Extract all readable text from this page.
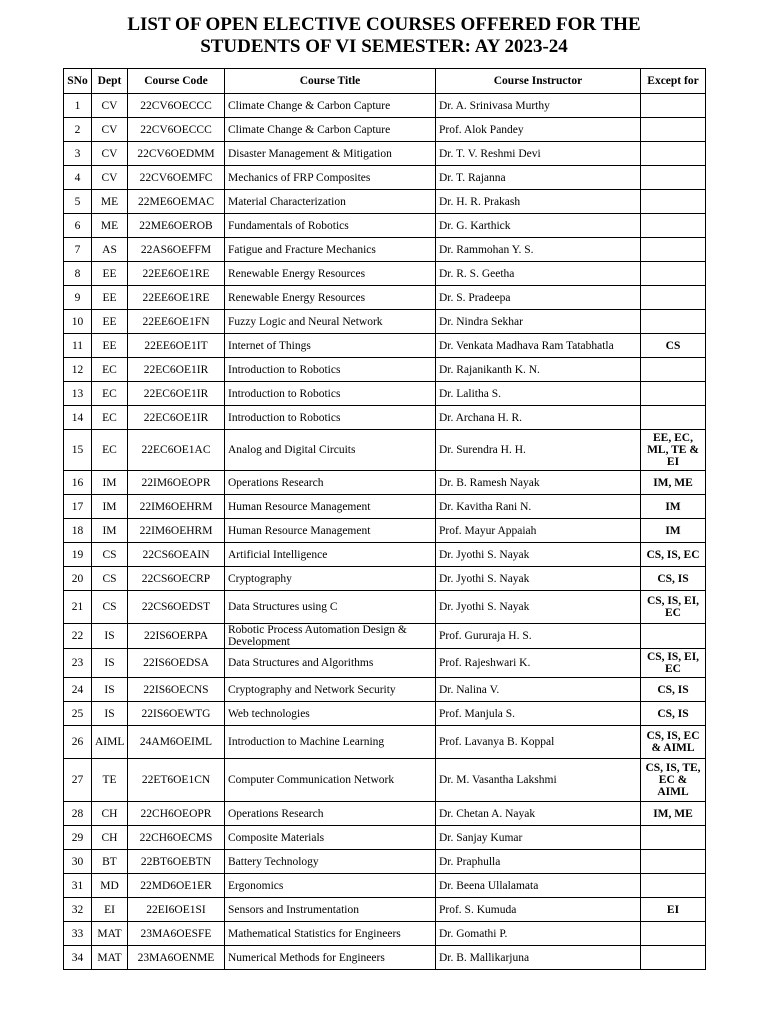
LIST OF OPEN ELECTIVE COURSES OFFERED FOR THE
STUDENTS OF VI SEMESTER: AY 2023-24
SNo	Dept	Course Code	Course Title	Course Instructor	Except for
1	CV	22CV6OECCC	Climate Change & Carbon Capture	Dr. A. Srinivasa Murthy	
2	CV	22CV6OECCC	Climate Change & Carbon Capture	Prof. Alok Pandey	
3	CV	22CV6OEDMM	Disaster Management & Mitigation	Dr. T. V. Reshmi Devi	
4	CV	22CV6OEMFC	Mechanics of FRP Composites	Dr. T. Rajanna	
5	ME	22ME6OEMAC	Material Characterization	Dr. H. R. Prakash	
6	ME	22ME6OEROB	Fundamentals of Robotics	Dr. G. Karthick	
7	AS	22AS6OEFFM	Fatigue and Fracture Mechanics	Dr. Rammohan Y. S.	
8	EE	22EE6OE1RE	Renewable Energy Resources	Dr. R. S. Geetha	
9	EE	22EE6OE1RE	Renewable Energy Resources	Dr. S. Pradeepa	
10	EE	22EE6OE1FN	Fuzzy Logic and Neural Network	Dr. Nindra Sekhar	
11	EE	22EE6OE1IT	Internet of Things	Dr. Venkata Madhava Ram Tatabhatla	CS
12	EC	22EC6OE1IR	Introduction to Robotics	Dr. Rajanikanth K. N.	
13	EC	22EC6OE1IR	Introduction to Robotics	Dr. Lalitha S.	
14	EC	22EC6OE1IR	Introduction to Robotics	Dr. Archana H. R.	
15	EC	22EC6OE1AC	Analog and Digital Circuits	Dr. Surendra H. H.	EE, EC, ML, TE & EI
16	IM	22IM6OEOPR	Operations Research	Dr. B. Ramesh Nayak	IM, ME
17	IM	22IM6OEHRM	Human Resource Management	Dr. Kavitha Rani N.	IM
18	IM	22IM6OEHRM	Human Resource Management	Prof. Mayur Appaiah	IM
19	CS	22CS6OEAIN	Artificial Intelligence	Dr. Jyothi S. Nayak	CS, IS, EC
20	CS	22CS6OECRP	Cryptography	Dr. Jyothi S. Nayak	CS, IS
21	CS	22CS6OEDST	Data Structures using C	Dr. Jyothi S. Nayak	CS, IS, EI, EC
22	IS	22IS6OERPA	Robotic Process Automation Design & Development	Prof. Gururaja H. S.	
23	IS	22IS6OEDSA	Data Structures and Algorithms	Prof. Rajeshwari K.	CS, IS, EI, EC
24	IS	22IS6OECNS	Cryptography and Network Security	Dr. Nalina V.	CS, IS
25	IS	22IS6OEWTG	Web technologies	Prof. Manjula S.	CS, IS
26	AIML	24AM6OEIML	Introduction to Machine Learning	Prof. Lavanya B. Koppal	CS, IS, EC & AIML
27	TE	22ET6OE1CN	Computer Communication Network	Dr. M. Vasantha Lakshmi	CS, IS, TE, EC & AIML
28	CH	22CH6OEOPR	Operations Research	Dr. Chetan A. Nayak	IM, ME
29	CH	22CH6OECMS	Composite Materials	Dr. Sanjay Kumar	
30	BT	22BT6OEBTN	Battery Technology	Dr. Praphulla	
31	MD	22MD6OE1ER	Ergonomics	Dr. Beena Ullalamata	
32	EI	22EI6OE1SI	Sensors and Instrumentation	Prof. S. Kumuda	EI
33	MAT	23MA6OESFE	Mathematical Statistics for Engineers	Dr. Gomathi P.	
34	MAT	23MA6OENME	Numerical Methods for Engineers	Dr. B. Mallikarjuna	
